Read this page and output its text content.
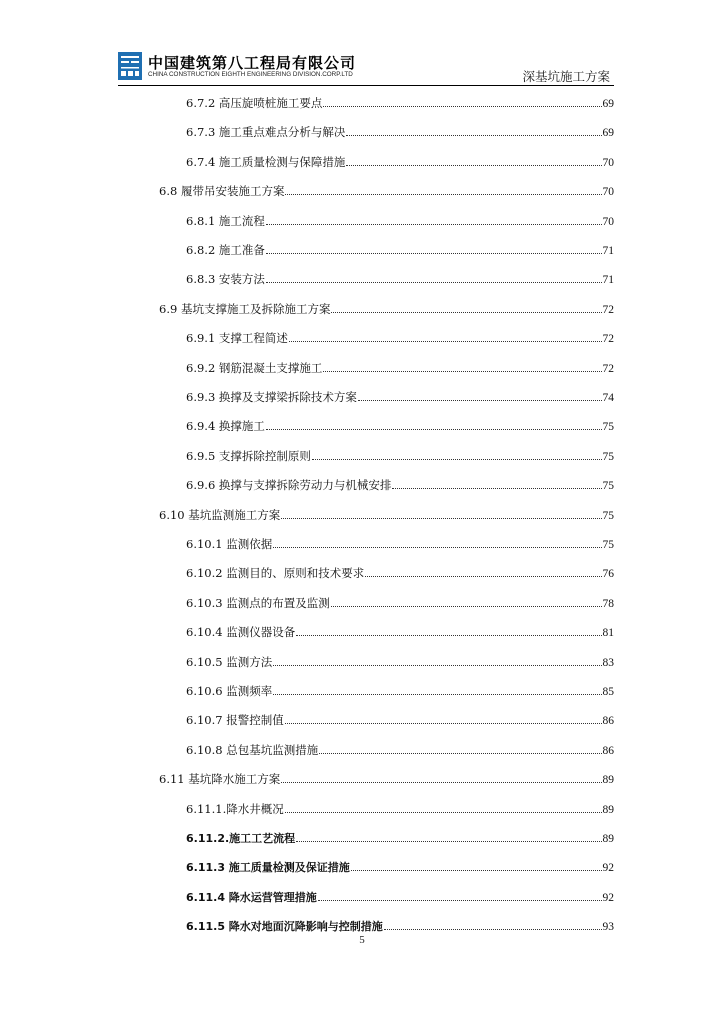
中国建筑第八工程局有限公司
CHINA CONSTRUCTION EIGHTH ENGINEERING DIVISION.CORP.LTD	深基坑施工方案
6.7.2 高压旋喷桩施工要点	69
6.7.3 施工重点难点分析与解决	69
6.7.4 施工质量检测与保障措施	70
6.8 履带吊安装施工方案	70
6.8.1 施工流程	70
6.8.2 施工准备	71
6.8.3 安装方法	71
6.9 基坑支撑施工及拆除施工方案	72
6.9.1 支撑工程简述	72
6.9.2 钢筋混凝土支撑施工	72
6.9.3 换撑及支撑梁拆除技术方案	74
6.9.4 换撑施工	75
6.9.5 支撑拆除控制原则	75
6.9.6 换撑与支撑拆除劳动力与机械安排	75
6.10 基坑监测施工方案	75
6.10.1 监测依据	75
6.10.2 监测目的、原则和技术要求	76
6.10.3 监测点的布置及监测	78
6.10.4 监测仪器设备	81
6.10.5 监测方法	83
6.10.6 监测频率	85
6.10.7 报警控制值	86
6.10.8 总包基坑监测措施	86
6.11 基坑降水施工方案	89
6.11.1.降水井概况	89
6.11.2.施工工艺流程	89
6.11.3 施工质量检测及保证措施	92
6.11.4 降水运营管理措施	92
6.11.5 降水对地面沉降影响与控制措施	93
5
